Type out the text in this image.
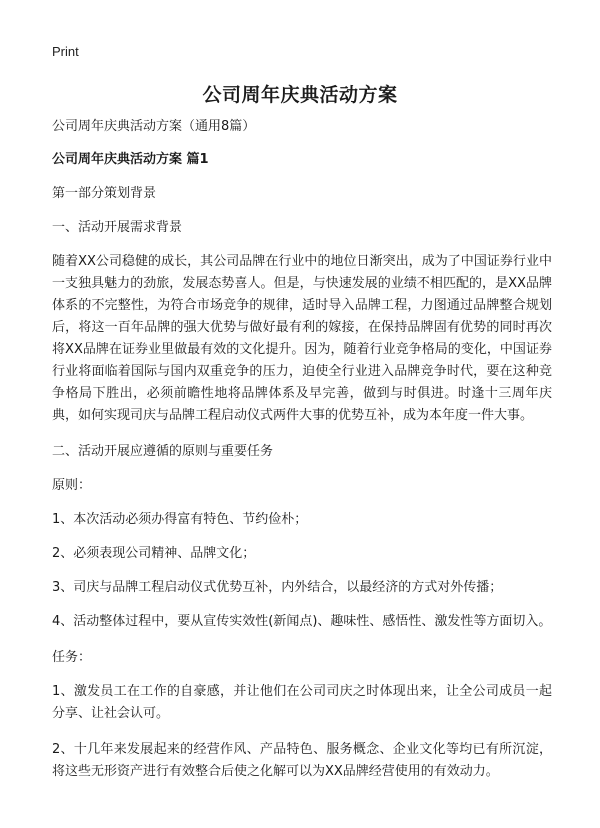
Print
公司周年庆典活动方案

公司周年庆典活动方案（通用8篇）

公司周年庆典活动方案 篇1

第一部分策划背景

一、活动开展需求背景

随着XX公司稳健的成长，其公司品牌在行业中的地位日渐突出，成为了中国证券行业中一支独具魅力的劲旅，发展态势喜人。但是，与快速发展的业绩不相匹配的，是XX品牌体系的不完整性，为符合市场竞争的规律，适时导入品牌工程，力图通过品牌整合规划后，将这一百年品牌的强大优势与做好最有利的嫁接，在保持品牌固有优势的同时再次将XX品牌在证券业里做最有效的文化提升。因为，随着行业竞争格局的变化，中国证券行业将面临着国际与国内双重竞争的压力，迫使全行业进入品牌竞争时代，要在这种竞争格局下胜出，必须前瞻性地将品牌体系及早完善，做到与时俱进。时逢十三周年庆典，如何实现司庆与品牌工程启动仪式两件大事的优势互补，成为本年度一件大事。

二、活动开展应遵循的原则与重要任务

原则：

1、本次活动必须办得富有特色、节约俭朴；

2、必须表现公司精神、品牌文化；

3、司庆与品牌工程启动仪式优势互补，内外结合，以最经济的方式对外传播；

4、活动整体过程中，要从宣传实效性(新闻点)、趣味性、感悟性、激发性等方面切入。

任务：

1、激发员工在工作的自豪感，并让他们在公司司庆之时体现出来，让全公司成员一起分享、让社会认可。

2、十几年来发展起来的经营作风、产品特色、服务概念、企业文化等均已有所沉淀，将这些无形资产进行有效整合后使之化解可以为XX品牌经营使用的有效动力。
